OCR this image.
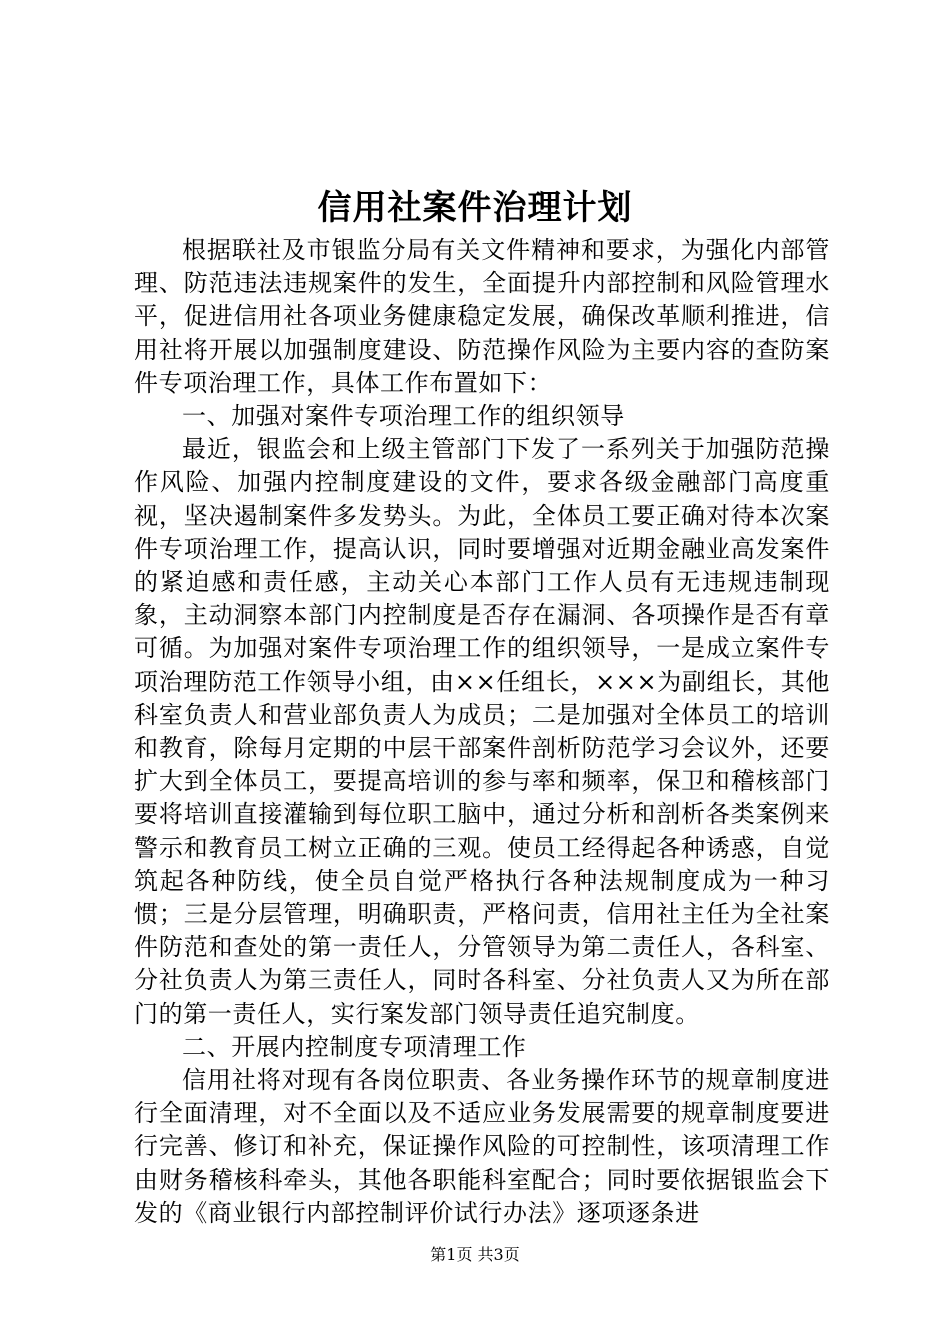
信用社案件治理计划

根据联社及市银监分局有关文件精神和要求，为强化内部管理、防范违法违规案件的发生，全面提升内部控制和风险管理水平，促进信用社各项业务健康稳定发展，确保改革顺利推进，信用社将开展以加强制度建设、防范操作风险为主要内容的查防案件专项治理工作，具体工作布置如下：

一、加强对案件专项治理工作的组织领导

最近，银监会和上级主管部门下发了一系列关于加强防范操作风险、加强内控制度建设的文件，要求各级金融部门高度重视，坚决遏制案件多发势头。为此，全体员工要正确对待本次案件专项治理工作，提高认识，同时要增强对近期金融业高发案件的紧迫感和责任感，主动关心本部门工作人员有无违规违制现象，主动洞察本部门内控制度是否存在漏洞、各项操作是否有章可循。为加强对案件专项治理工作的组织领导，一是成立案件专项治理防范工作领导小组，由××任组长，×××为副组长，其他科室负责人和营业部负责人为成员；二是加强对全体员工的培训和教育，除每月定期的中层干部案件剖析防范学习会议外，还要扩大到全体员工，要提高培训的参与率和频率，保卫和稽核部门要将培训直接灌输到每位职工脑中，通过分析和剖析各类案例来警示和教育员工树立正确的三观。使员工经得起各种诱惑，自觉筑起各种防线，使全员自觉严格执行各种法规制度成为一种习惯；三是分层管理，明确职责，严格问责，信用社主任为全社案件防范和查处的第一责任人，分管领导为第二责任人，各科室、分社负责人为第三责任人，同时各科室、分社负责人又为所在部门的第一责任人，实行案发部门领导责任追究制度。

二、开展内控制度专项清理工作

信用社将对现有各岗位职责、各业务操作环节的规章制度进行全面清理，对不全面以及不适应业务发展需要的规章制度要进行完善、修订和补充，保证操作风险的可控制性，该项清理工作由财务稽核科牵头，其他各职能科室配合；同时要依据银监会下发的《商业银行内部控制评价试行办法》逐项逐条进

第1页 共3页
